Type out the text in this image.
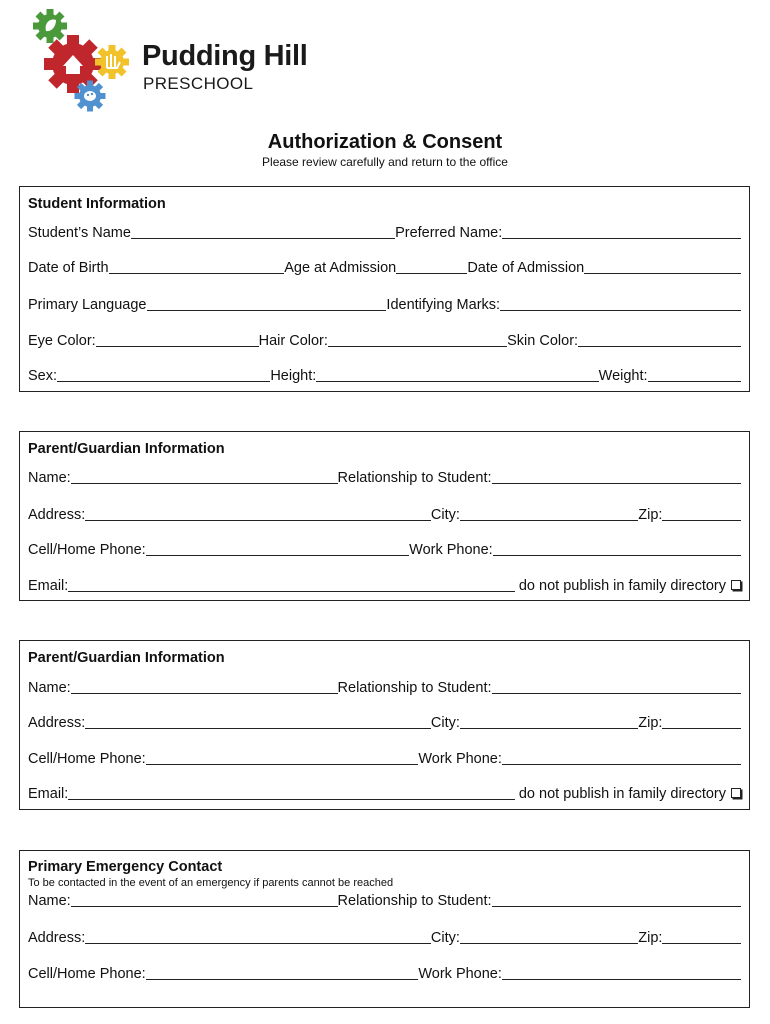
Pudding Hill
PRESCHOOL
Authorization & Consent
Please review carefully and return to the office
Student Information
Student’s Name	Preferred Name:
Date of Birth	Age at Admission	Date of Admission
Primary Language	Identifying Marks:
Eye Color:	Hair Color:	Skin Color:
Sex:	Height:	Weight:
Parent/Guardian Information
Name:	Relationship to Student:
Address:	City:	Zip:
Cell/Home Phone:	Work Phone:
Email:	do not publish in family directory
Parent/Guardian Information
Name:	Relationship to Student:
Address:	City:	Zip:
Cell/Home Phone:	Work Phone:
Email:	do not publish in family directory
Primary Emergency Contact
To be contacted in the event of an emergency if parents cannot be reached
Name:	Relationship to Student:
Address:	City:	Zip:
Cell/Home Phone:	Work Phone:
